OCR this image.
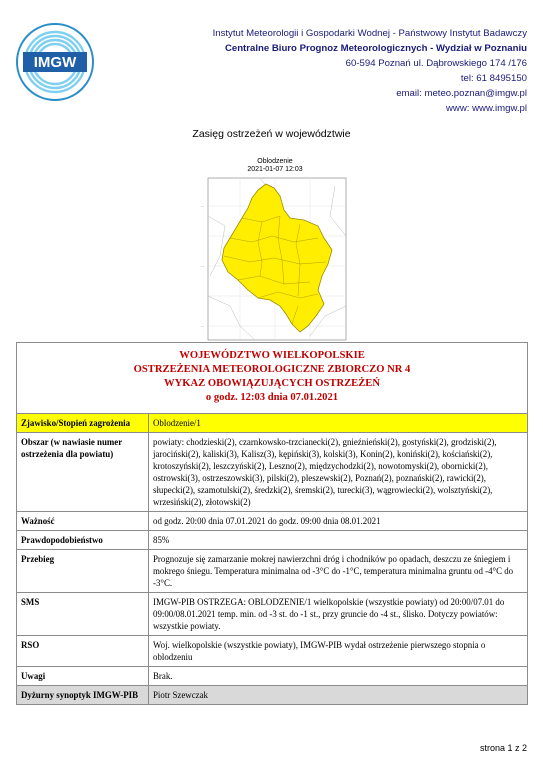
IMGW
Instytut Meteorologii i Gospodarki Wodnej - Państwowy Instytut Badawczy
Centralne Biuro Prognoz Meteorologicznych - Wydział w Poznaniu
60-594 Poznań ul. Dąbrowskiego 174 /176
tel: 61 8495150
email: meteo.poznan@imgw.pl
www: www.imgw.pl
Zasięg ostrzeżeń w województwie
Oblodzenie
2021-01-07 12:03
—
—
—
WOJEWÓDZTWO WIELKOPOLSKIE
OSTRZEŻENIA METEOROLOGICZNE ZBIORCZO NR 4
WYKAZ OBOWIĄZUJĄCYCH OSTRZEŻEŃ
o godz. 12:03 dnia 07.01.2021	

Zjawisko/Stopień zagrożenia	Oblodzenie/1
Obszar (w nawiasie numer ostrzeżenia dla powiatu)	powiaty: chodzieski(2), czarnkowsko-trzcianecki(2), gnieźnieński(2), gostyński(2), grodziski(2), jarociński(2), kaliski(3), Kalisz(3), kępiński(3), kolski(3), Konin(2), koniński(2), kościański(2), krotoszyński(2), leszczyński(2), Leszno(2), międzychodzki(2), nowotomyski(2), obornicki(2), ostrowski(3), ostrzeszowski(3), pilski(2), pleszewski(2), Poznań(2), poznański(2), rawicki(2), słupecki(2), szamotulski(2), średzki(2), śremski(2), turecki(3), wągrowiecki(2), wolsztyński(2), wrzesiński(2), złotowski(2)
Ważność	od godz. 20:00 dnia 07.01.2021 do godz. 09:00 dnia 08.01.2021
Prawdopodobieństwo	85%
Przebieg	Prognozuje się zamarzanie mokrej nawierzchni dróg i chodników po opadach, deszczu ze śniegiem i mokrego śniegu. Temperatura minimalna od -3°C do -1°C, temperatura minimalna gruntu od -4°C do -3°C.
SMS	IMGW-PIB OSTRZEGA: OBLODZENIE/1 wielkopolskie (wszystkie powiaty) od 20:00/07.01 do 09:00/08.01.2021 temp. min. od -3 st. do -1 st., przy gruncie do -4 st., ślisko. Dotyczy powiatów: wszystkie powiaty.
RSO	Woj. wielkopolskie (wszystkie powiaty), IMGW-PIB wydał ostrzeżenie pierwszego stopnia o oblodzeniu
Uwagi	Brak.
Dyżurny synoptyk IMGW-PIB	Piotr Szewczak
strona 1 z 2
